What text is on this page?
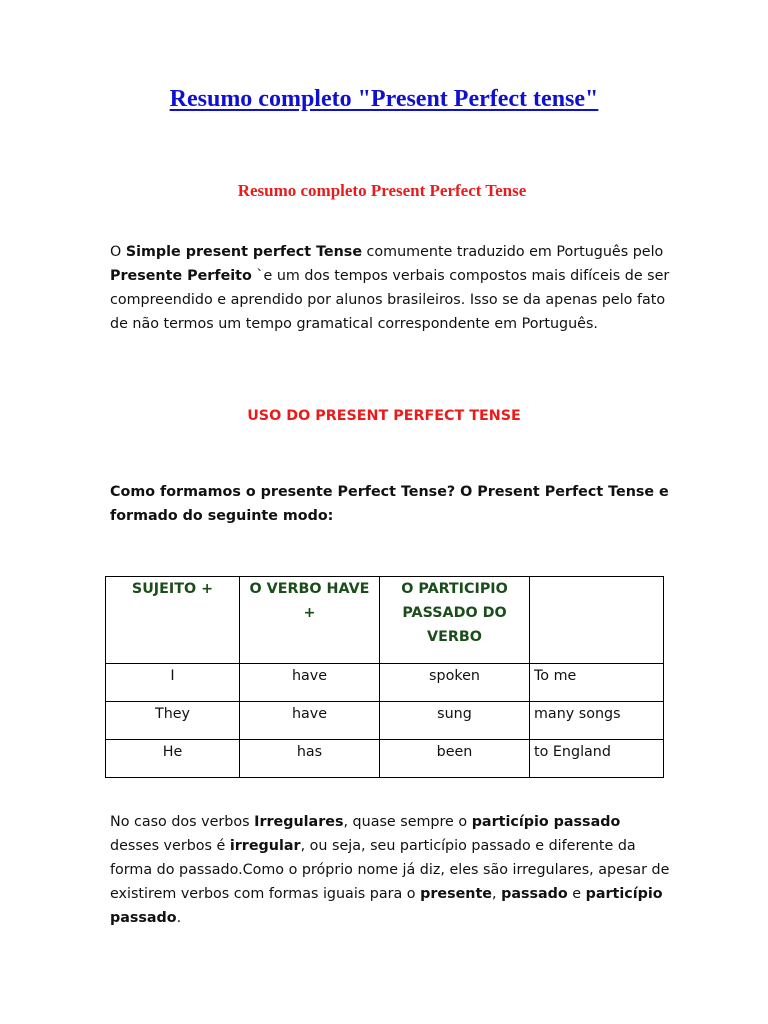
Resumo completo "Present Perfect tense"
Resumo completo Present Perfect Tense

O Simple present perfect Tense comumente traduzido em Português pelo Presente Perfeito `e um dos tempos verbais compostos mais difíceis de ser compreendido e aprendido por alunos brasileiros. Isso se da apenas pelo fato de não termos um tempo gramatical correspondente em Português.

USO DO PRESENT PERFECT TENSE

Como formamos o presente Perfect Tense? O Present Perfect Tense e formado do seguinte modo:

SUJEITO +	O VERBO HAVE +	O PARTICIPIO PASSADO DO VERBO	
I	have	spoken	To me
They	have	sung	many songs
He	has	been	to England

No caso dos verbos Irregulares, quase sempre o particípio passado desses verbos é irregular, ou seja, seu particípio passado e diferente da forma do passado.Como o próprio nome já diz, eles são irregulares, apesar de existirem verbos com formas iguais para o presente, passado e particípio passado.
